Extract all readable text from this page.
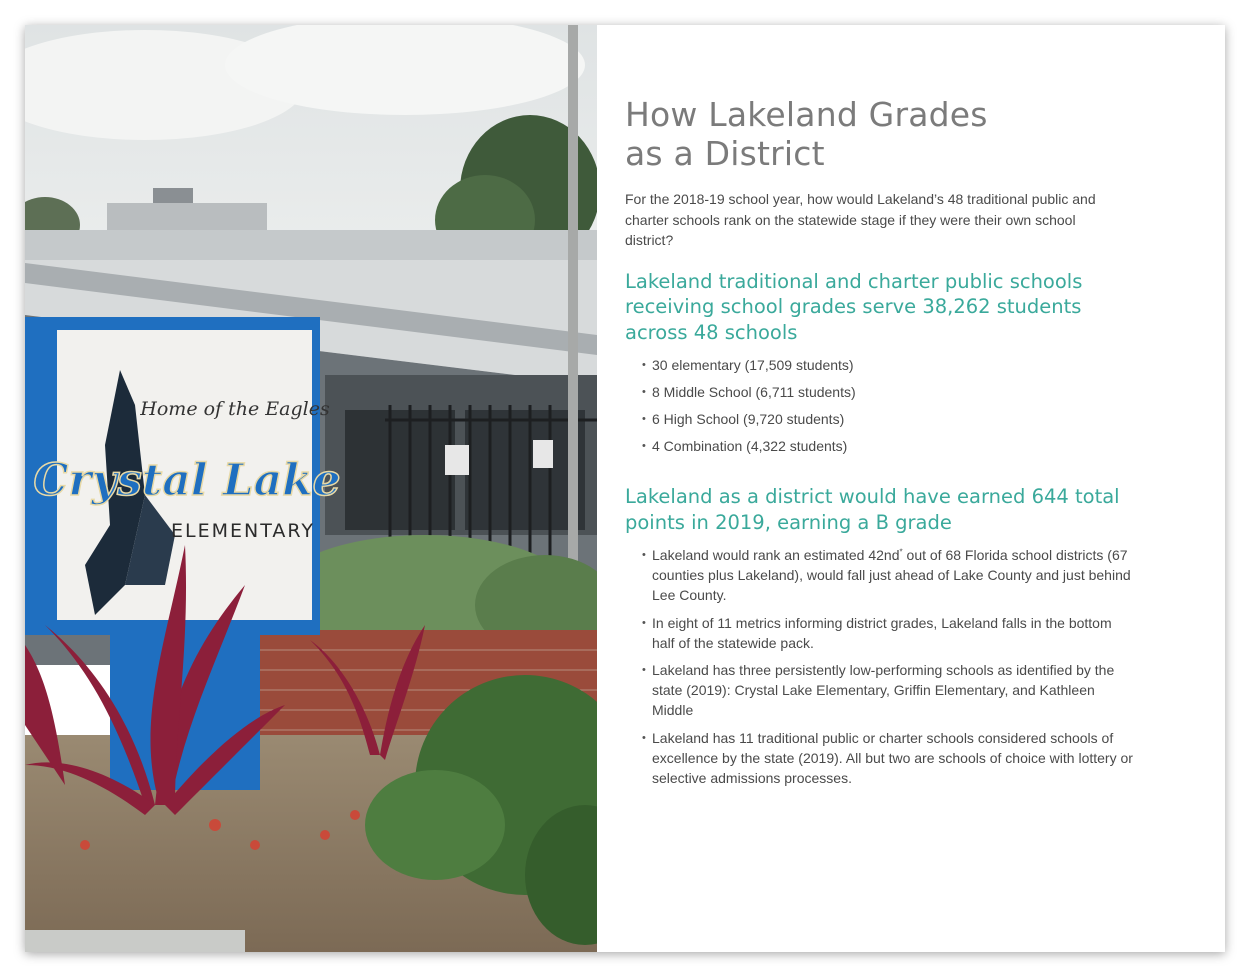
Home of the Eagles
Crystal Lake
ELEMENTARY
How Lakeland Grades
as a District

For the 2018-19 school year, how would Lakeland’s 48 traditional public and charter schools rank on the statewide stage if they were their own school district?

Lakeland traditional and charter public schools receiving school grades serve 38,262 students across 48 schools
• 30 elementary (17,509 students)
• 8 Middle School (6,711 students)
• 6 High School (9,720 students)
• 4 Combination (4,322 students)
Lakeland as a district would have earned 644 total points in 2019, earning a B grade
• Lakeland would rank an estimated 42nd* out of 68 Florida school districts (67 counties plus Lakeland), would fall just ahead of Lake County and just behind Lee County.
• In eight of 11 metrics informing district grades, Lakeland falls in the bottom half of the statewide pack.
• Lakeland has three persistently low-performing schools as identified by the state (2019): Crystal Lake Elementary, Griffin Elementary, and Kathleen Middle
• Lakeland has 11 traditional public or charter schools considered schools of excellence by the state (2019). All but two are schools of choice with lottery or selective admissions processes.
